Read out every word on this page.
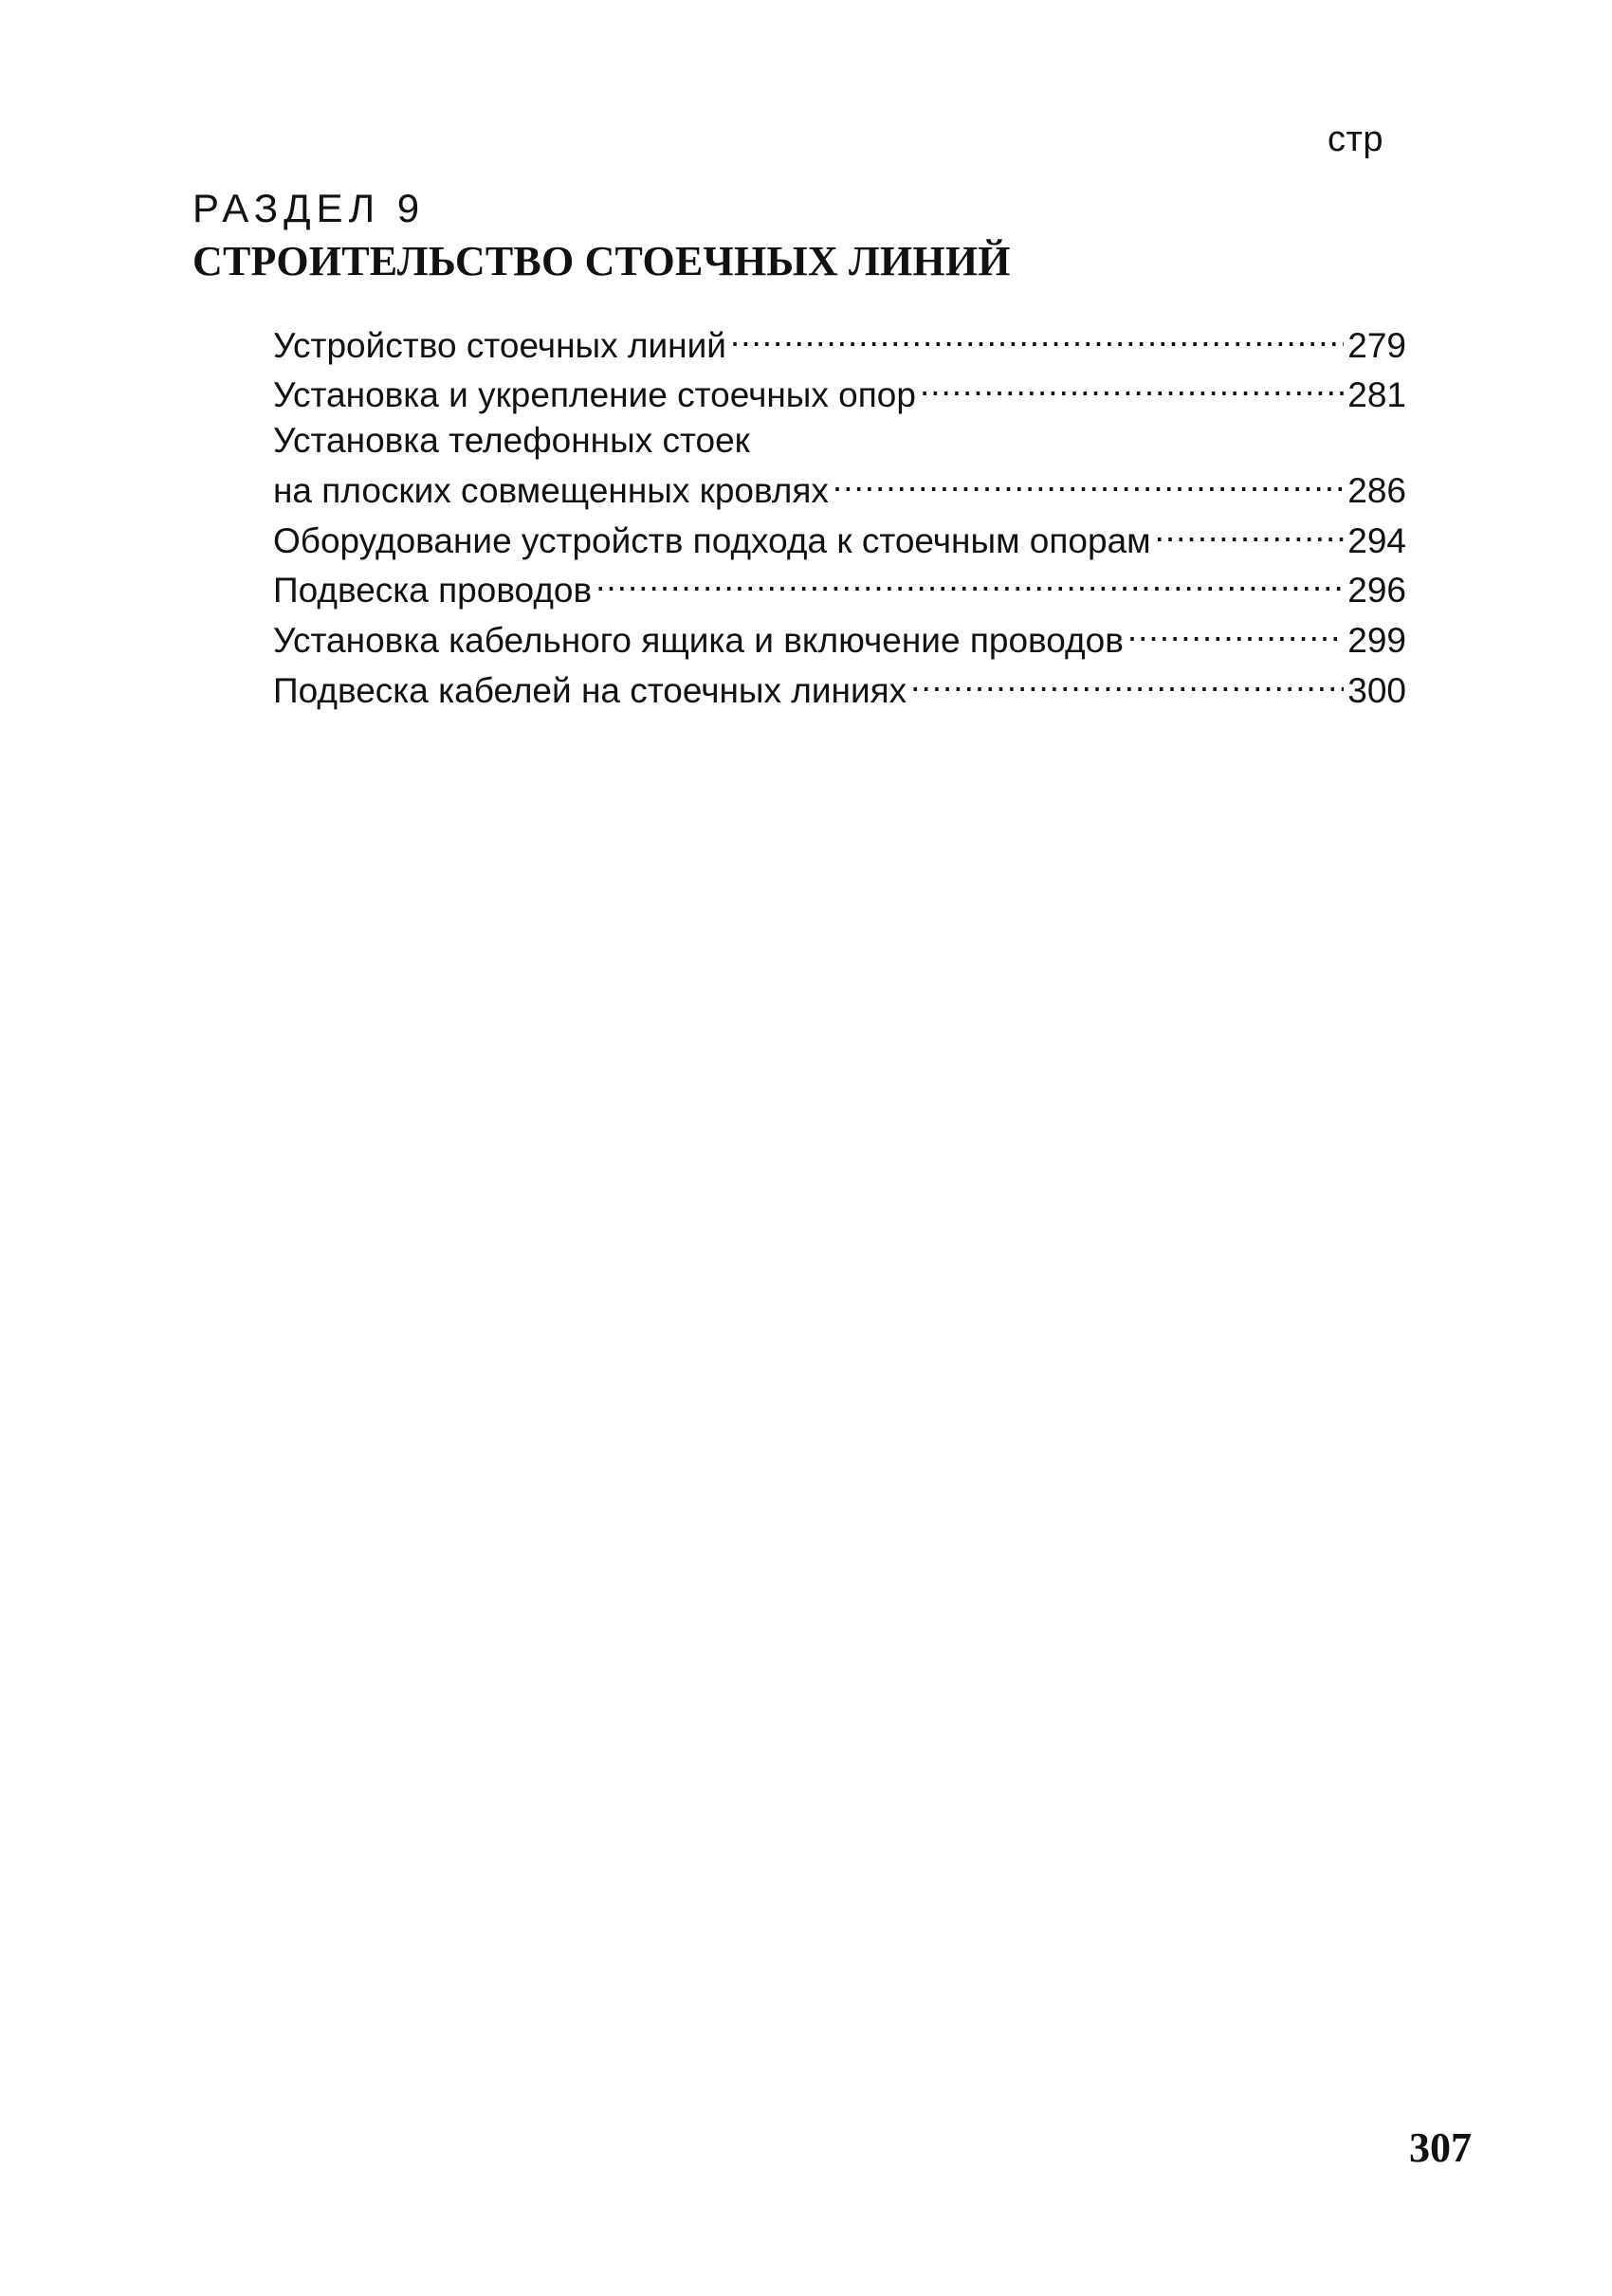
стр
РАЗДЕЛ 9
СТРОИТЕЛЬСТВО СТОЕЧНЫХ ЛИНИЙ
Устройство стоечных линий .....	279
Установка и укрепление стоечных опор .....	281
Установка телефонных стоек
на плоских совмещенных кровлях .....	286
Оборудование устройств подхода к стоечным опорам .....	294
Подвеска проводов .....	296
Установка кабельного ящика и включение проводов .....	299
Подвеска кабелей на стоечных линиях .....	300
307
